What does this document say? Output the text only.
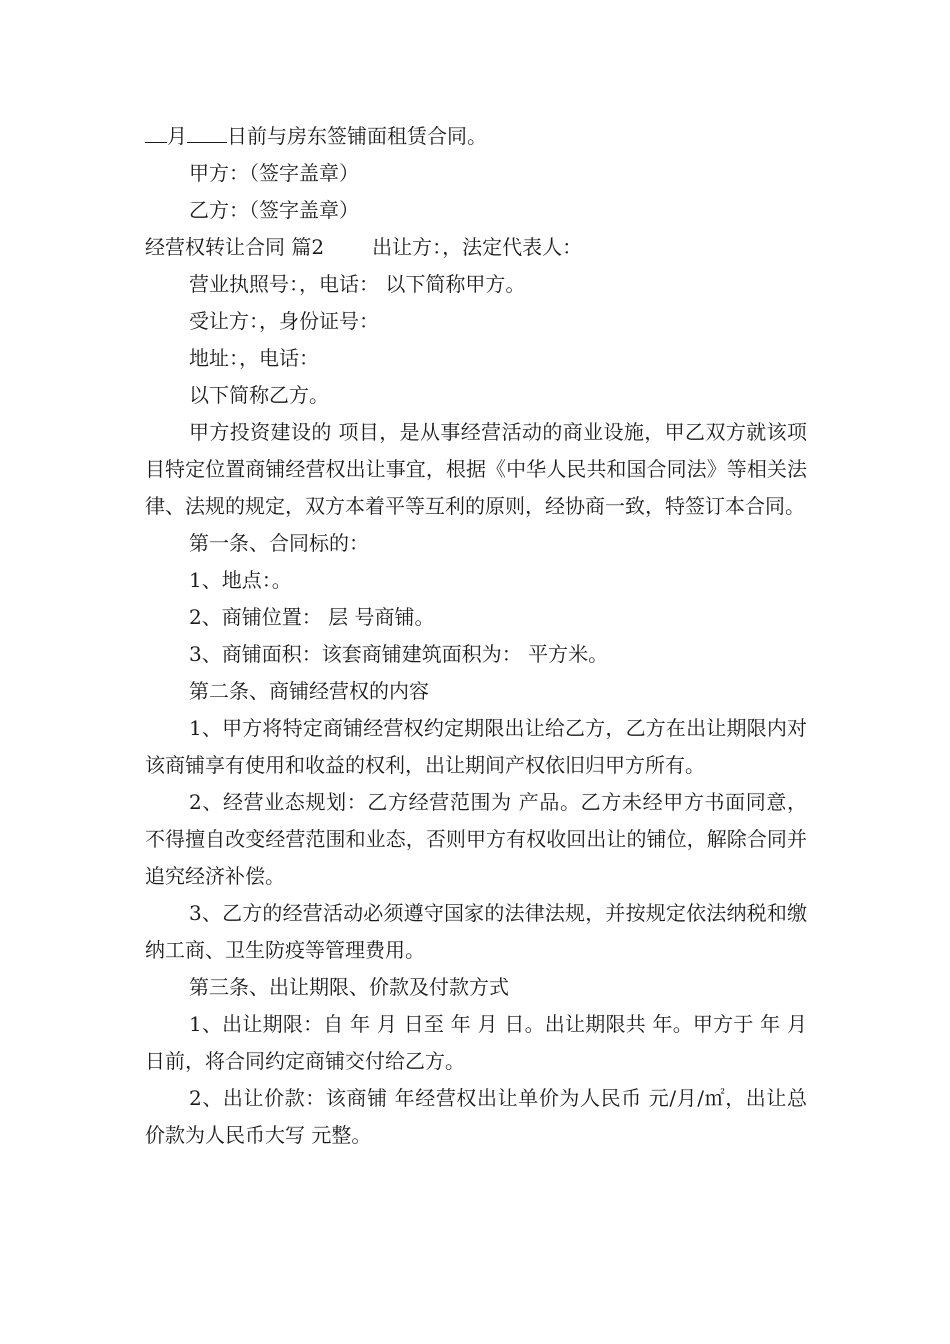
月 日前与房东签铺面租赁合同。

甲方：（签字盖章）

乙方：（签字盖章）

经营权转让合同 篇2 出让方：，法定代表人：

营业执照号：，电话： 以下简称甲方。

受让方：，身份证号：

地址：，电话：

以下简称乙方。

甲方投资建设的 项目，是从事经营活动的商业设施，甲乙双方就该项目特定位置商铺经营权出让事宜，根据《中华人民共和国合同法》等相关法律、法规的规定，双方本着平等互利的原则，经协商一致，特签订本合同。

第一条、合同标的：

1、地点：。

2、商铺位置： 层 号商铺。

3、商铺面积：该套商铺建筑面积为： 平方米。

第二条、商铺经营权的内容

1、甲方将特定商铺经营权约定期限出让给乙方，乙方在出让期限内对该商铺享有使用和收益的权利，出让期间产权依旧归甲方所有。

2、经营业态规划：乙方经营范围为 产品。乙方未经甲方书面同意，不得擅自改变经营范围和业态，否则甲方有权收回出让的铺位，解除合同并追究经济补偿。

3、乙方的经营活动必须遵守国家的法律法规，并按规定依法纳税和缴纳工商、卫生防疫等管理费用。

第三条、出让期限、价款及付款方式

1、出让期限：自 年 月 日至 年 月 日。出让期限共 年。甲方于 年 月 日前，将合同约定商铺交付给乙方。

2、出让价款：该商铺 年经营权出让单价为人民币 元/月/㎡，出让总价款为人民币大写 元整。
